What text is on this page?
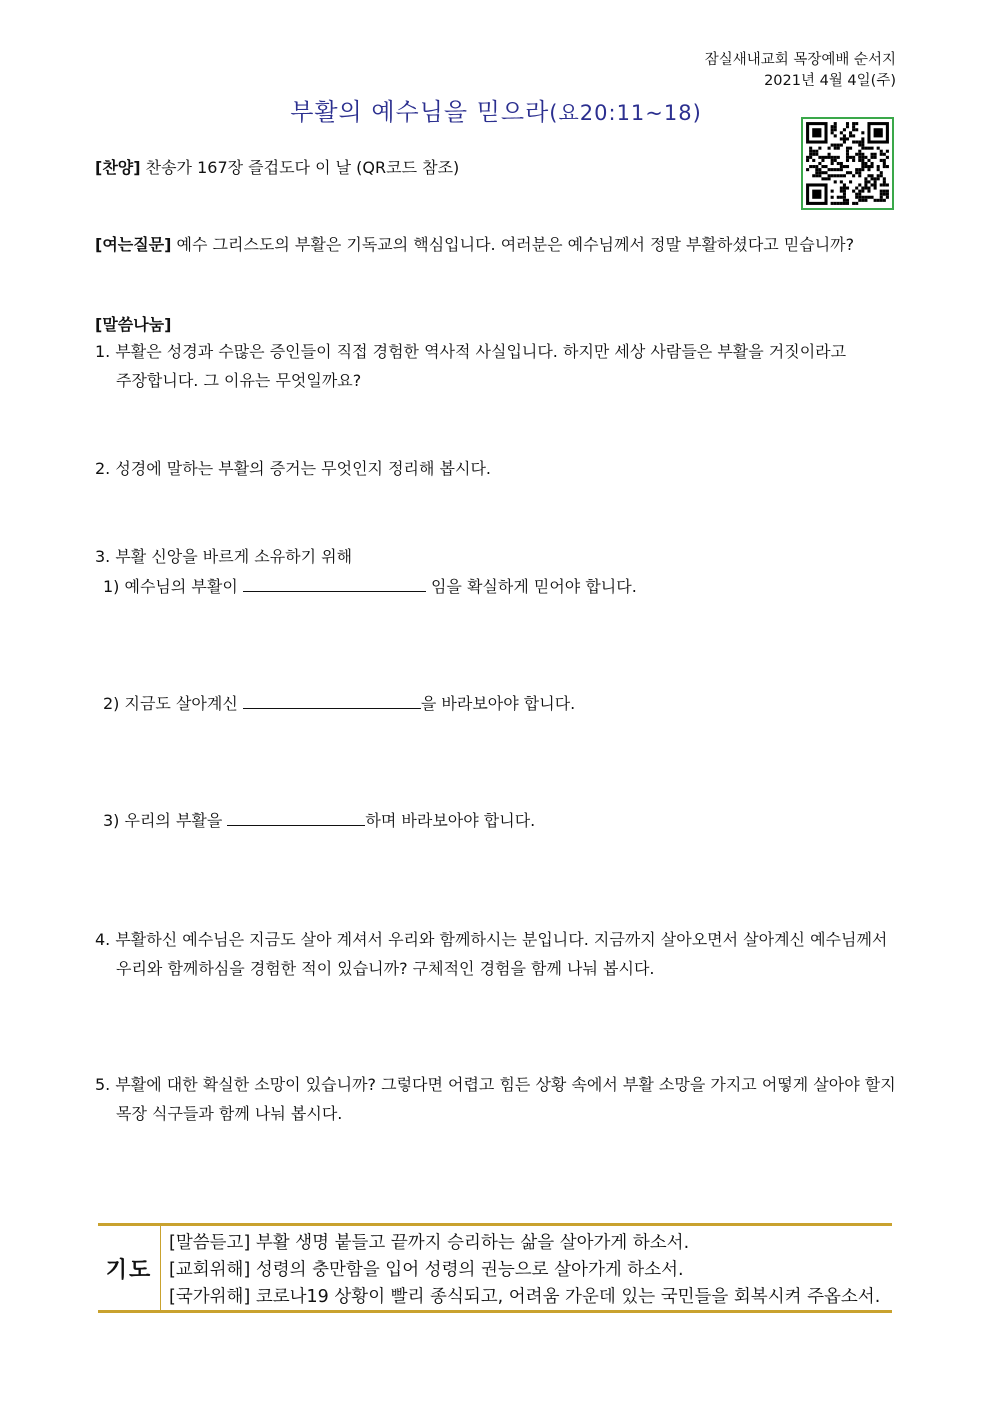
잠실새내교회 목장예배 순서지
2021년 4월 4일(주)
부활의 예수님을 믿으라(요20:11~18)
[찬양] 찬송가 167장 즐겁도다 이 날 (QR코드 참조)
[여는질문] 예수 그리스도의 부활은 기독교의 핵심입니다. 여러분은 예수님께서 정말 부활하셨다고 믿습니까?
[말씀나눔]
1. 부활은 성경과 수많은 증인들이 직접 경험한 역사적 사실입니다. 하지만 세상 사람들은 부활을 거짓이라고
주장합니다. 그 이유는 무엇일까요?
2. 성경에 말하는 부활의 증거는 무엇인지 정리해 봅시다.
3. 부활 신앙을 바르게 소유하기 위해
1) 예수님의 부활이	임을 확실하게 믿어야 합니다.
2) 지금도 살아계신	을 바라보아야 합니다.
3) 우리의 부활을	하며 바라보아야 합니다.
4. 부활하신 예수님은 지금도 살아 계셔서 우리와 함께하시는 분입니다. 지금까지 살아오면서 살아계신 예수님께서
우리와 함께하심을 경험한 적이 있습니까? 구체적인 경험을 함께 나눠 봅시다.
5. 부활에 대한 확실한 소망이 있습니까? 그렇다면 어렵고 힘든 상황 속에서 부활 소망을 가지고 어떻게 살아야 할지
목장 식구들과 함께 나눠 봅시다.
기도
[말씀듣고] 부활 생명 붙들고 끝까지 승리하는 삶을 살아가게 하소서.
[교회위해] 성령의 충만함을 입어 성령의 권능으로 살아가게 하소서.
[국가위해] 코로나19 상황이 빨리 종식되고, 어려움 가운데 있는 국민들을 회복시켜 주옵소서.
